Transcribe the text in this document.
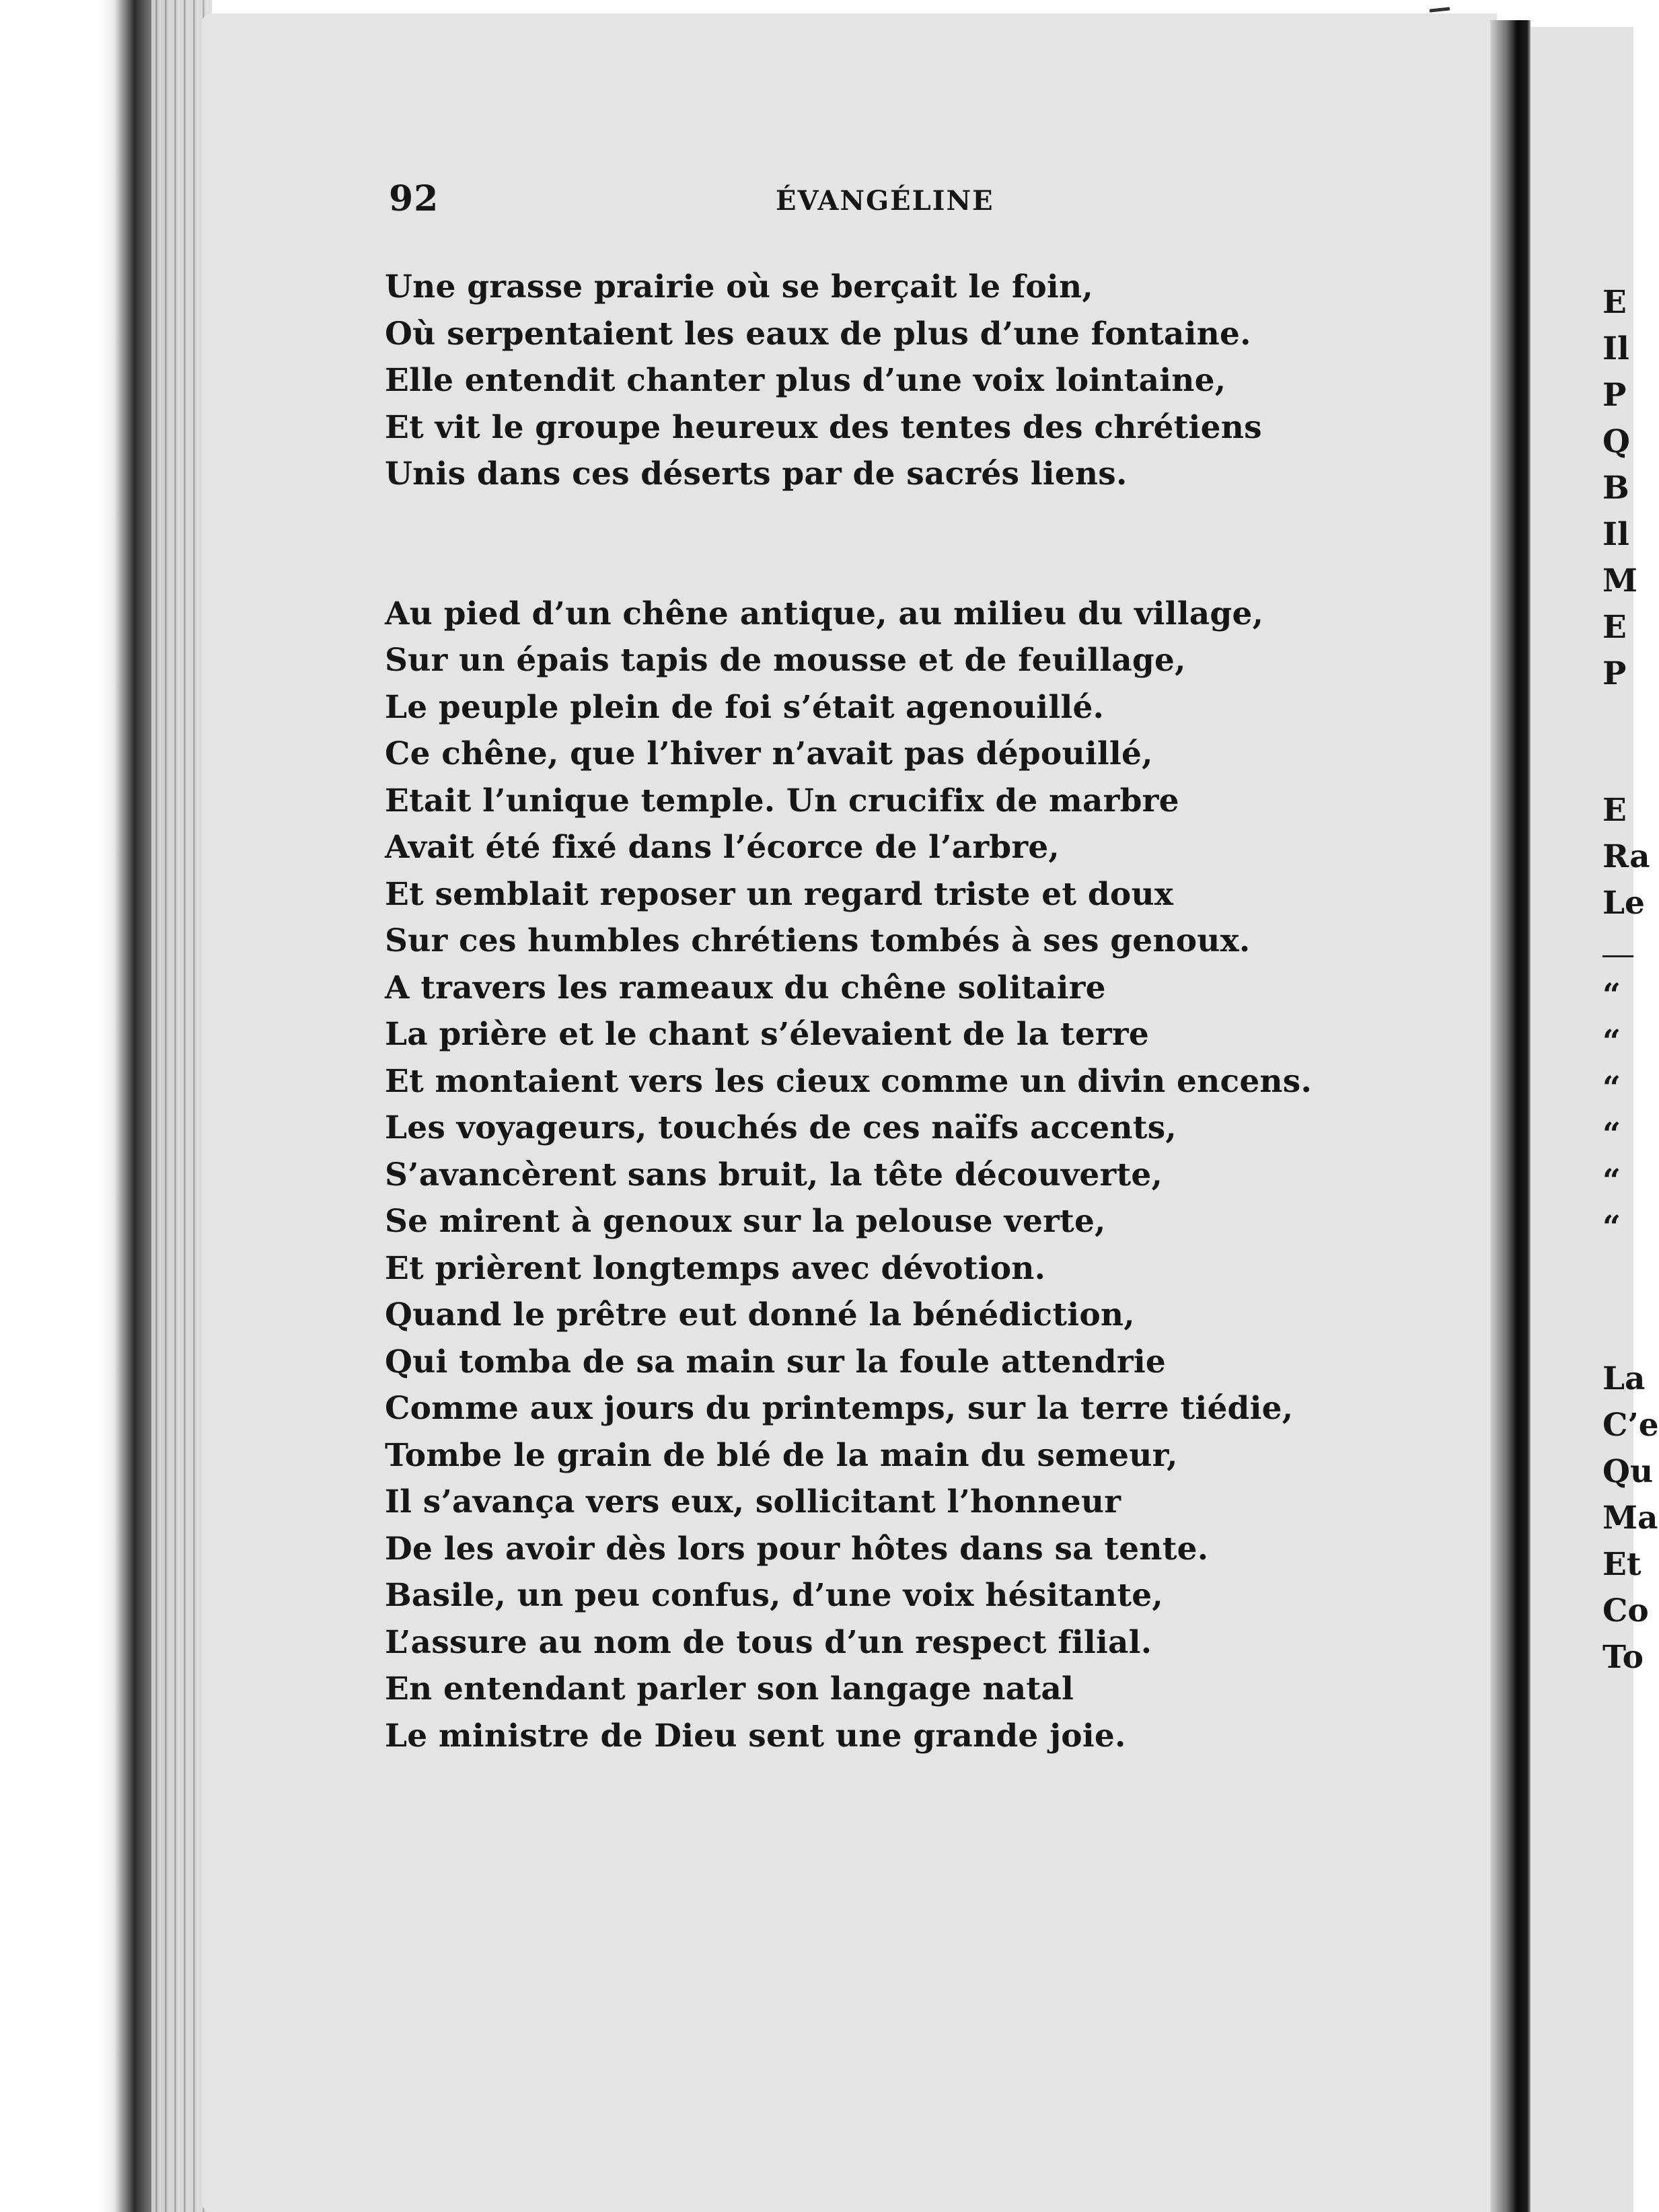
92	ÉVANGÉLINE
Une grasse prairie où se berçait le foin,
Où serpentaient les eaux de plus d’une fontaine.
Elle entendit chanter plus d’une voix lointaine,
Et vit le groupe heureux des tentes des chrétiens
Unis dans ces déserts par de sacrés liens.
Au pied d’un chêne antique, au milieu du village,
Sur un épais tapis de mousse et de feuillage,
Le peuple plein de foi s’était agenouillé.
Ce chêne, que l’hiver n’avait pas dépouillé,
Etait l’unique temple. Un crucifix de marbre
Avait été fixé dans l’écorce de l’arbre,
Et semblait reposer un regard triste et doux
Sur ces humbles chrétiens tombés à ses genoux.
A travers les rameaux du chêne solitaire
La prière et le chant s’élevaient de la terre
Et montaient vers les cieux comme un divin encens.
Les voyageurs, touchés de ces naïfs accents,
S’avancèrent sans bruit, la tête découverte,
Se mirent à genoux sur la pelouse verte,
Et prièrent longtemps avec dévotion.
Quand le prêtre eut donné la bénédiction,
Qui tomba de sa main sur la foule attendrie
Comme aux jours du printemps, sur la terre tiédie,
Tombe le grain de blé de la main du semeur,
Il s’avança vers eux, sollicitant l’honneur
De les avoir dès lors pour hôtes dans sa tente.
Basile, un peu confus, d’une voix hésitante,
L’assure au nom de tous d’un respect filial.
En entendant parler son langage natal
Le ministre de Dieu sent une grande joie.
E
Il
P
Q
B
Il
M
E
P
E
Ra
Le
“
“
“
“
“
“
La
C’e
Qu
Ma
Et
Co
To
